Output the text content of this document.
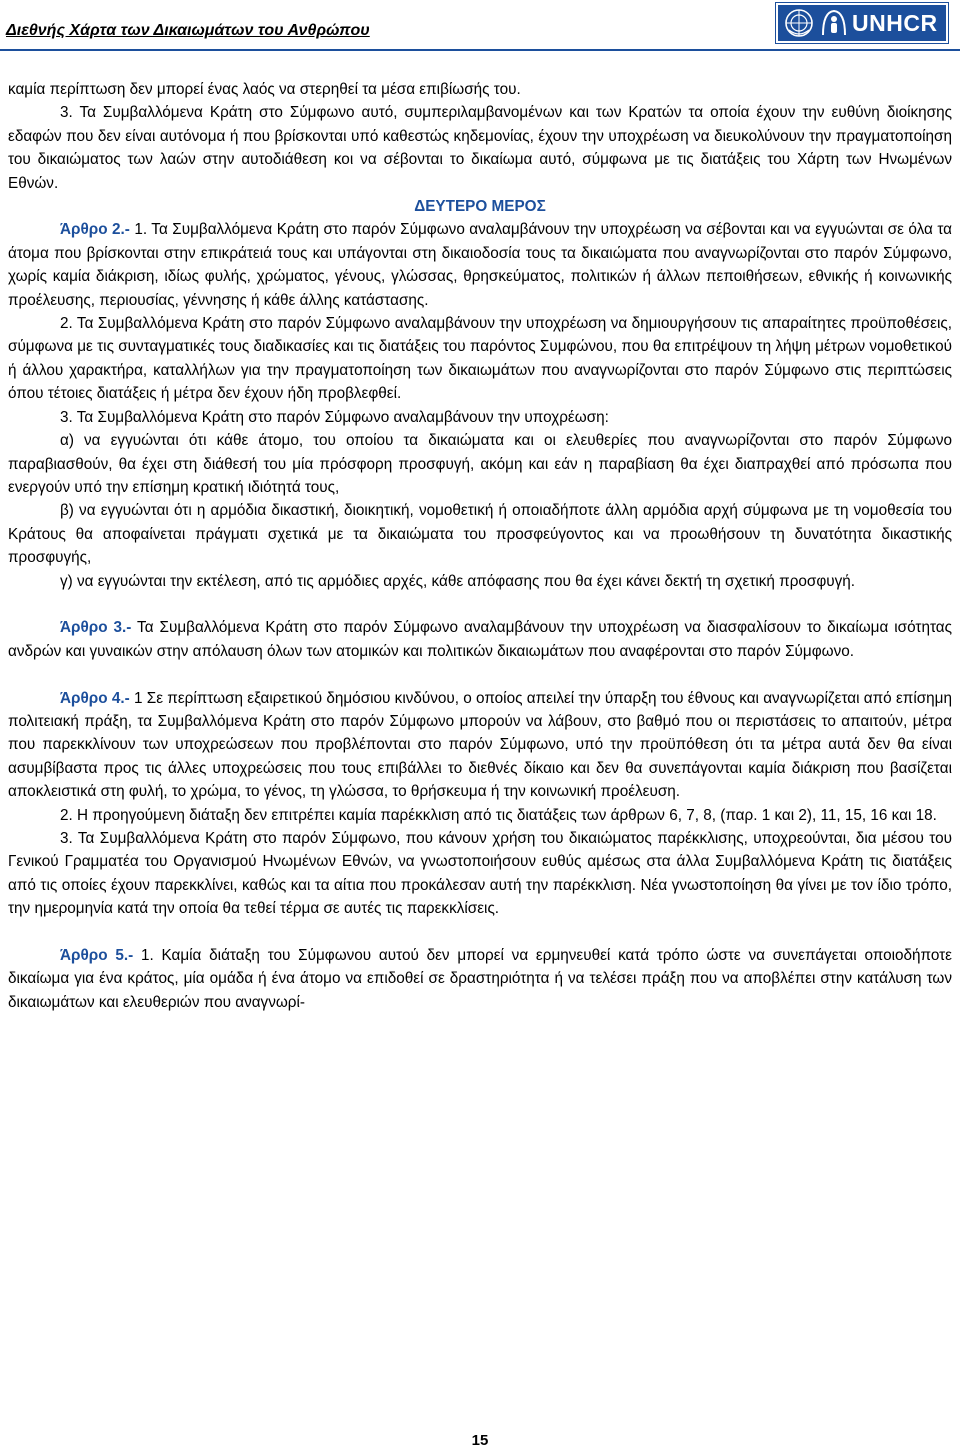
Διεθνής Χάρτα των Δικαιωμάτων του Ανθρώπου	UNHCR

καμία περίπτωση δεν μπορεί ένας λαός να στερηθεί τα μέσα επιβίωσής του.

3. Τα Συμβαλλόμενα Κράτη στο Σύμφωνο αυτό, συμπεριλαμβανομένων και των Κρατών τα οποία έχουν την ευθύνη διοίκησης εδαφών που δεν είναι αυτόνομα ή που βρίσκονται υπό καθεστώς κηδεμονίας, έχουν την υποχρέωση να διευκολύνουν την πραγματοποίηση του δικαιώματος των λαών στην αυτοδιάθεση κοι να σέβονται το δικαίωμα αυτό, σύμφωνα με τις διατάξεις του Χάρτη των Ηνωμένων Εθνών.

ΔΕΥΤΕΡΟ ΜΕΡΟΣ

Άρθρο 2.- 1. Τα Συμβαλλόμενα Κράτη στο παρόν Σύμφωνο αναλαμβάνουν την υποχρέωση να σέβονται και να εγγυώνται σε όλα τα άτομα που βρίσκονται στην επικράτειά τους και υπάγονται στη δικαιοδοσία τους τα δικαιώματα που αναγνωρίζονται στο παρόν Σύμφωνο, χωρίς καμία διάκριση, ιδίως φυλής, χρώματος, γένους, γλώσσας, θρησκεύματος, πολιτικών ή άλλων πεποιθήσεων, εθνικής ή κοινωνικής προέλευσης, περιουσίας, γέννησης ή κάθε άλλης κατάστασης.

2. Τα Συμβαλλόμενα Κράτη στο παρόν Σύμφωνο αναλαμβάνουν την υποχρέωση να δημιουργήσουν τις απαραίτητες προϋποθέσεις, σύμφωνα με τις συνταγματικές τους διαδικασίες και τις διατάξεις του παρόντος Συμφώνου, που θα επιτρέψουν τη λήψη μέτρων νομοθετικού ή άλλου χαρακτήρα, καταλλήλων για την πραγματοποίηση των δικαιωμάτων που αναγνωρίζονται στο παρόν Σύμφωνο στις περιπτώσεις όπου τέτοιες διατάξεις ή μέτρα δεν έχουν ήδη προβλεφθεί.

3. Τα Συμβαλλόμενα Κράτη στο παρόν Σύμφωνο αναλαμβάνουν την υποχρέωση:

α) να εγγυώνται ότι κάθε άτομο, του οποίου τα δικαιώματα και οι ελευθερίες που αναγνωρίζονται στο παρόν Σύμφωνο παραβιασθούν, θα έχει στη διάθεσή του μία πρόσφορη προσφυγή, ακόμη και εάν η παραβίαση θα έχει διαπραχθεί από πρόσωπα που ενεργούν υπό την επίσημη κρατική ιδιότητά τους,

β) να εγγυώνται ότι η αρμόδια δικαστική, διοικητική, νομοθετική ή οποιαδήποτε άλλη αρμόδια αρχή σύμφωνα με τη νομοθεσία του Κράτους θα αποφαίνεται πράγματι σχετικά με τα δικαιώματα του προσφεύγοντος και να προωθήσουν τη δυνατότητα δικαστικής προσφυγής,

γ) να εγγυώνται την εκτέλεση, από τις αρμόδιες αρχές, κάθε απόφασης που θα έχει κάνει δεκτή τη σχετική προσφυγή.

Άρθρο 3.- Τα Συμβαλλόμενα Κράτη στο παρόν Σύμφωνο αναλαμβάνουν την υποχρέωση να διασφαλίσουν το δικαίωμα ισότητας ανδρών και γυναικών στην απόλαυση όλων των ατομικών και πολιτικών δικαιωμάτων που αναφέρονται στο παρόν Σύμφωνο.

Άρθρο 4.- 1 Σε περίπτωση εξαιρετικού δημόσιου κινδύνου, ο οποίος απειλεί την ύπαρξη του έθνους και αναγνωρίζεται από επίσημη πολιτειακή πράξη, τα Συμβαλλόμενα Κράτη στο παρόν Σύμφωνο μπορούν να λάβουν, στο βαθμό που οι περιστάσεις το απαιτούν, μέτρα που παρεκκλίνουν των υποχρεώσεων που προβλέπονται στο παρόν Σύμφωνο, υπό την προϋπόθεση ότι τα μέτρα αυτά δεν θα είναι ασυμβίβαστα προς τις άλλες υποχρεώσεις που τους επιβάλλει το διεθνές δίκαιο και δεν θα συνεπάγονται καμία διάκριση που βασίζεται αποκλειστικά στη φυλή, το χρώμα, το γένος, τη γλώσσα, το θρήσκευμα ή την κοινωνική προέλευση.

2. Η προηγούμενη διάταξη δεν επιτρέπει καμία παρέκκλιση από τις διατάξεις των άρθρων 6, 7, 8, (παρ. 1 και 2), 11, 15, 16 και 18.

3. Τα Συμβαλλόμενα Κράτη στο παρόν Σύμφωνο, που κάνουν χρήση του δικαιώματος παρέκκλισης, υποχρεούνται, δια μέσου του Γενικού Γραμματέα του Οργανισμού Ηνωμένων Εθνών, να γνωστοποιήσουν ευθύς αμέσως στα άλλα Συμβαλλόμενα Κράτη τις διατάξεις από τις οποίες έχουν παρεκκλίνει, καθώς και τα αίτια που προκάλεσαν αυτή την παρέκκλιση. Νέα γνωστοποίηση θα γίνει με τον ίδιο τρόπο, την ημερομηνία κατά την οποία θα τεθεί τέρμα σε αυτές τις παρεκκλίσεις.

Άρθρο 5.- 1. Καμία διάταξη του Σύμφωνου αυτού δεν μπορεί να ερμηνευθεί κατά τρόπο ώστε να συνεπάγεται οποιοδήποτε δικαίωμα για ένα κράτος, μία ομάδα ή ένα άτομο να επιδοθεί σε δραστηριότητα ή να τελέσει πράξη που να αποβλέπει στην κατάλυση των δικαιωμάτων και ελευθεριών που αναγνωρί-

15
